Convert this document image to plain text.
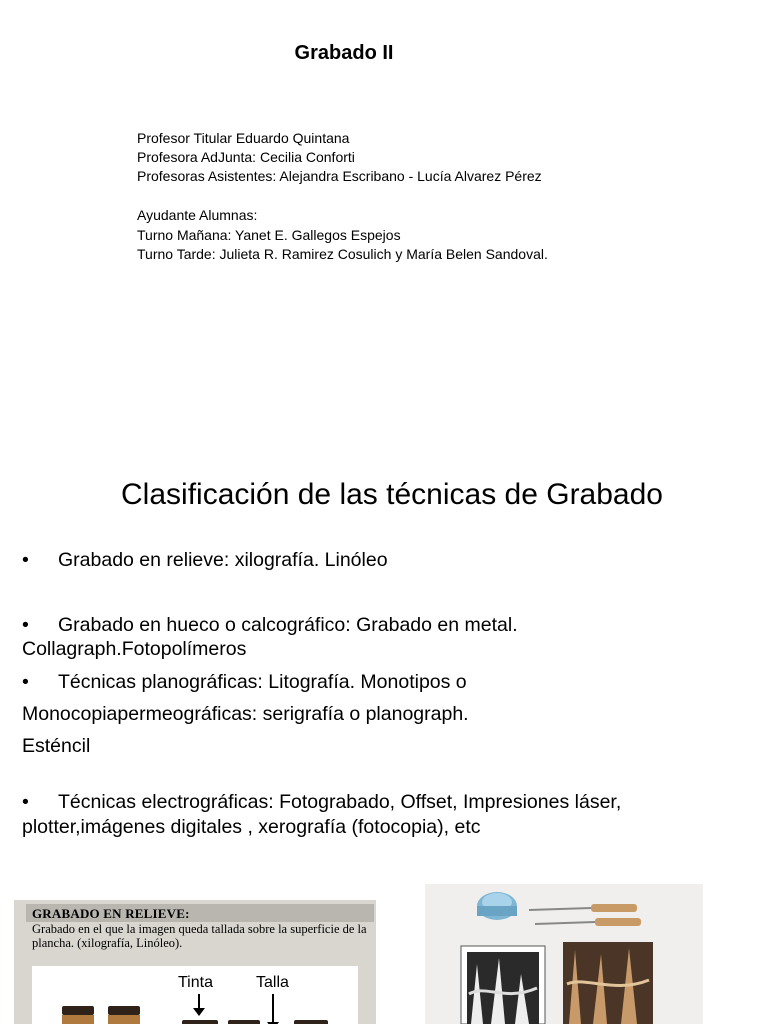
Grabado II
Profesor Titular Eduardo Quintana
Profesora AdJunta: Cecilia Conforti
Profesoras Asistentes: Alejandra Escribano - Lucía Alvarez Pérez
Ayudante Alumnas:
Turno Mañana: Yanet E. Gallegos Espejos
Turno Tarde: Julieta R. Ramirez Cosulich y María Belen Sandoval.
Clasificación de las técnicas de Grabado
• Grabado en relieve: xilografía. Linóleo
• Grabado en hueco o calcográfico: Grabado en metal.
Collagraph.Fotopolímeros
• Técnicas planográficas: Litografía. Monotipos o
Monocopiapermeográficas: serigrafía o planograph.
Esténcil
• Técnicas electrográficas: Fotograbado, Offset, Impresiones láser,
plotter,imágenes digitales , xerografía (fotocopia), etc
GRABADO EN RELIEVE:
Grabado en el que la imagen queda tallada sobre la superficie de la plancha. (xilografía, Linóleo).
Tinta	Talla
